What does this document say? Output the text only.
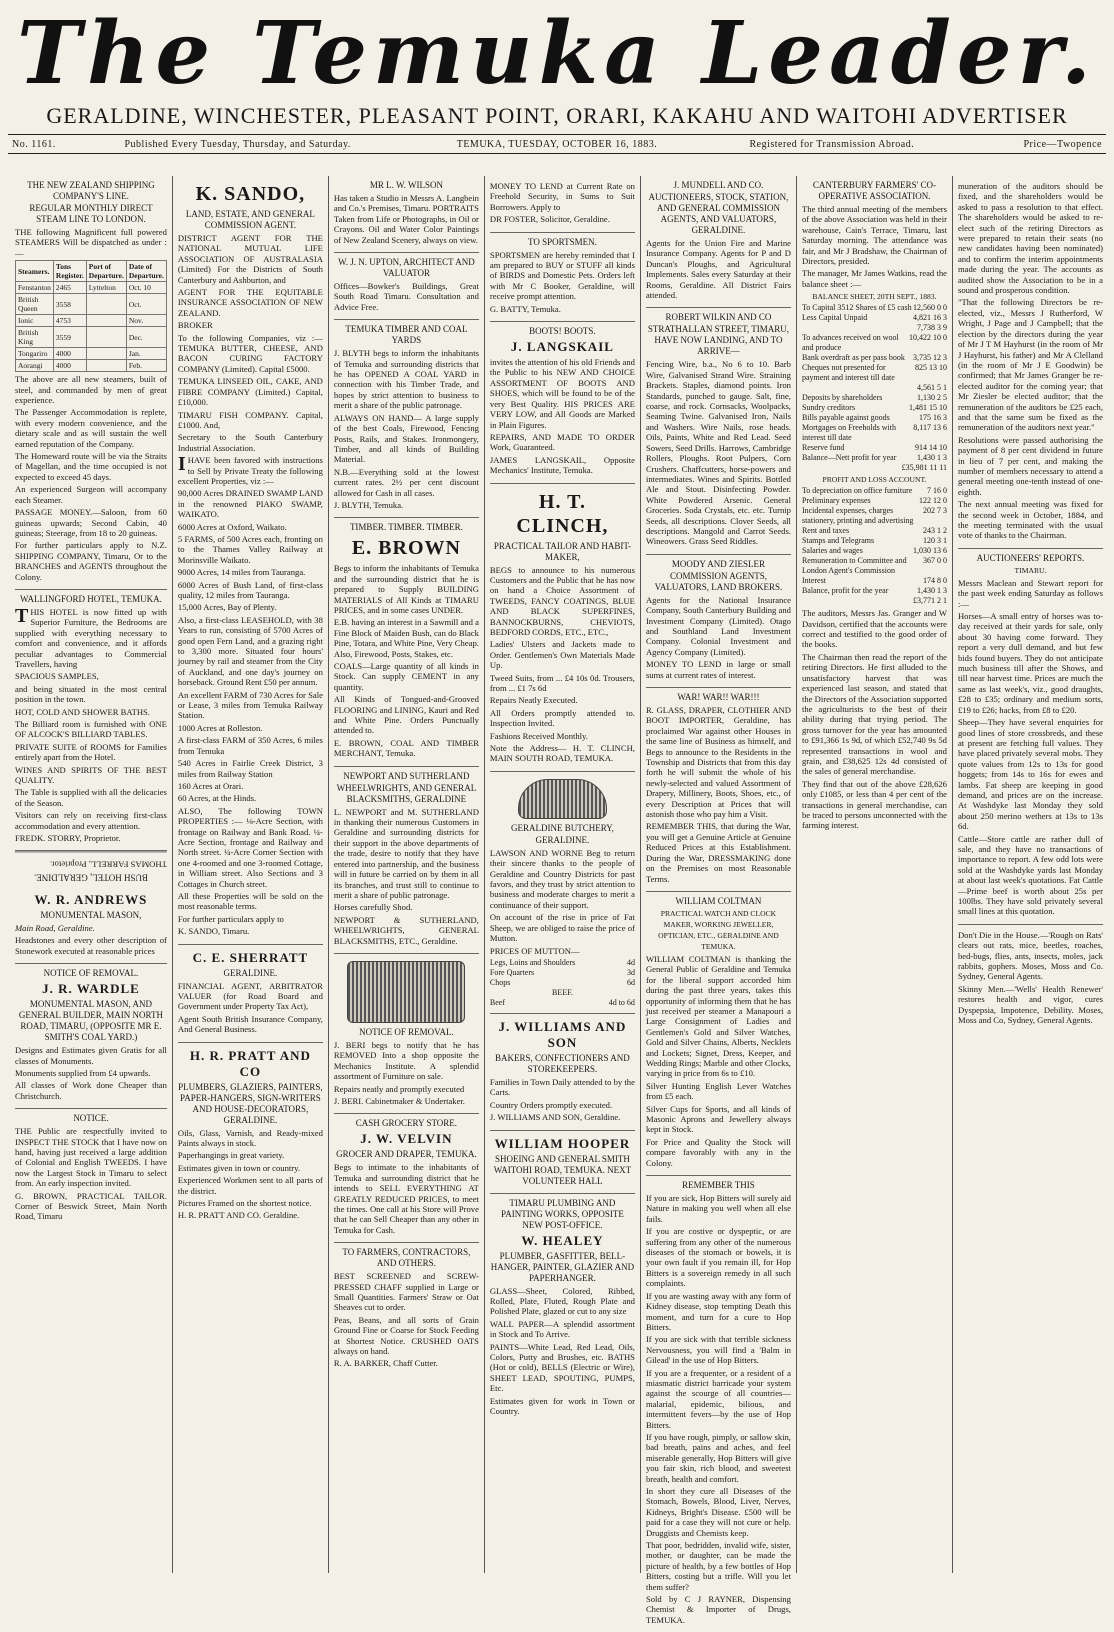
The Temuka Leader.
GERALDINE, WINCHESTER, PLEASANT POINT, ORARI, KAKAHU AND WAITOHI ADVERTISER
No. 1161.	Published Every Tuesday, Thursday, and Saturday.	TEMUKA, TUESDAY, OCTOBER 16, 1883.	Registered for Transmission Abroad.	Price—Twopence
THE NEW ZEALAND SHIPPING COMPANY'S LINE.
REGULAR MONTHLY DIRECT STEAM LINE TO LONDON.

THE following Magnificent full powered STEAMERS Will be dispatched as under :—

Steamers.	Tons Register.	Port of Departure.	Date of Departure.
Fenstanton	2465	Lyttelton	Oct. 10
British Queen	3558		Oct.
Ionic	4753		Nov.
British King	3559		Dec.
Tongariro	4000		Jan.
Aorangi	4000		Feb.

The above are all new steamers, built of steel, and commanded by men of great experience.

The Passenger Accommodation is replete, with every modern convenience, and the dietary scale and as will sustain the well earned reputation of the Company.

The Homeward route will be via the Straits of Magellan, and the time occupied is not expected to exceed 45 days.

An experienced Surgeon will accompany each Steamer.

PASSAGE MONEY.—Saloon, from 60 guineas upwards; Second Cabin, 40 guineas; Steerage, from 18 to 20 guineas.

For further particulars apply to N.Z. SHIPPING COMPANY, Timaru, Or to the BRANCHES and AGENTS throughout the Colony.

WALLINGFORD HOTEL, TEMUKA.

THIS HOTEL is now fitted up with Superior Furniture, the Bedrooms are supplied with everything necessary to comfort and convenience, and it affords peculiar advantages to Commercial Travellers, having

SPACIOUS SAMPLES,

and being situated in the most central position in the town.

HOT, COLD AND SHOWER BATHS.

The Billiard room is furnished with ONE OF ALCOCK'S BILLIARD TABLES.

PRIVATE SUITE of ROOMS for Families entirely apart from the Hotel.

WINES AND SPIRITS OF THE BEST QUALITY.

The Table is supplied with all the delicacies of the Season.

Visitors can rely on receiving first-class accommodation and every attention.

FREDK. STORRY, Proprietor.

BUSH HOTEL, GERALDINE.

THOMAS FARRELL, Proprietor.

W. R. ANDREWS
MONUMENTAL MASON,

Main Road, Geraldine.

Headstones and every other description of Stonework executed at reasonable prices

NOTICE OF REMOVAL.
J. R. WARDLE
MONUMENTAL MASON, AND GENERAL BUILDER, MAIN NORTH ROAD, TIMARU, (OPPOSITE MR E. SMITH'S COAL YARD.)

Designs and Estimates given Gratis for all classes of Monuments.

Monuments supplied from £4 upwards.

All classes of Work done Cheaper than Christchurch.

NOTICE.

THE Public are respectfully invited to INSPECT THE STOCK that I have now on hand, having just received a large addition of Colonial and English TWEEDS. I have now the Largest Stock in Timaru to select from. An early inspection invited.

G. BROWN, PRACTICAL TAILOR. Corner of Beswick Street, Main North Road, Timaru

K. SANDO,
LAND, ESTATE, AND GENERAL COMMISSION AGENT.

DISTRICT AGENT FOR THE NATIONAL MUTUAL LIFE ASSOCIATION OF AUSTRALASIA (Limited) For the Districts of South Canterbury and Ashburton, and

AGENT FOR THE EQUITABLE INSURANCE ASSOCIATION OF NEW ZEALAND.

BROKER

To the following Companies, viz :— TEMUKA BUTTER, CHEESE, AND BACON CURING FACTORY COMPANY (Limited). Capital £5000.

TEMUKA LINSEED OIL, CAKE, AND FIBRE COMPANY (Limited.) Capital, £10,000.

TIMARU FISH COMPANY. Capital, £1000. And,

Secretary to the South Canterbury Industrial Association.

IHAVE been favored with instructions to Sell by Private Treaty the following excellent Properties, viz :—

90,000 Acres DRAINED SWAMP LAND in the renowned PIAKO SWAMP, WAIKATO.

6000 Acres at Oxford, Waikato.

5 FARMS, of 500 Acres each, fronting on to the Thames Valley Railway at Morinsville Waikato.

9000 Acres, 14 miles from Tauranga.

6000 Acres of Bush Land, of first-class quality, 12 miles from Tauranga.

15,000 Acres, Bay of Plenty.

Also, a first-class LEASEHOLD, with 38 Years to run, consisting of 5700 Acres of good open Fern Land, and a grazing right to 3,300 more. Situated four hours' journey by rail and steamer from the City of Auckland, and one day's journey on horseback. Ground Rent £50 per annum.

An excellent FARM of 730 Acres for Sale or Lease, 3 miles from Temuka Railway Station.

1000 Acres at Rolleston.

A first-class FARM of 350 Acres, 6 miles from Temuka

540 Acres in Fairlie Creek District, 3 miles from Railway Station

160 Acres at Orari.

60 Acres, at the Hinds.

ALSO, The following TOWN PROPERTIES :— ⅛-Acre Section, with frontage on Railway and Bank Road. ¼-Acre Section, frontage and Railway and North street. ¼-Acre Corner Section with one 4-roomed and one 3-roomed Cottage, in William street. Also Sections and 3 Cottages in Church street.

All these Properties will be sold on the most reasonable terms.

For further particulars apply to

K. SANDO, Timaru.

C. E. SHERRATT
GERALDINE.

FINANCIAL AGENT, ARBITRATOR VALUER (for Road Board and Government under Property Tax Act),

Agent South British Insurance Company, And General Business.

H. R. PRATT AND CO
PLUMBERS, GLAZIERS, PAINTERS, PAPER-HANGERS, SIGN-WRITERS AND HOUSE-DECORATORS, GERALDINE.

Oils, Glass, Varnish, and Ready-mixed Paints always in stock.

Paperhangings in great variety.

Estimates given in town or country.

Experienced Workmen sent to all parts of the district.

Pictures Framed on the shortest notice.

H. R. PRATT AND CO. Geraldine.

MR L. W. WILSON

Has taken a Studio in Messrs A. Langbein and Co.'s Premises, Timaru. PORTRAITS Taken from Life or Photographs, in Oil or Crayons. Oil and Water Color Paintings of New Zealand Scenery, always on view.

W. J. N. UPTON, ARCHITECT AND VALUATOR

Offices—Bowker's Buildings, Great South Road Timaru. Consultation and Advice Free.

TEMUKA TIMBER AND COAL YARDS

J. BLYTH begs to inform the inhabitants of Temuka and surrounding districts that he has OPENED A COAL YARD in connection with his Timber Trade, and hopes by strict attention to business to merit a share of the public patronage.

ALWAYS ON HAND— A large supply of the best Coals, Firewood, Fencing Posts, Rails, and Stakes. Ironmongery, Timber, and all kinds of Building Material.

N.B.—Everything sold at the lowest current rates. 2½ per cent discount allowed for Cash in all cases.

J. BLYTH, Temuka.

TIMBER. TIMBER. TIMBER.
E. BROWN

Begs to inform the inhabitants of Temuka and the surrounding district that he is prepared to Supply BUILDING MATERIALS of All Kinds at TIMARU PRICES, and in some cases UNDER.

E.B. having an interest in a Sawmill and a Fine Block of Maiden Bush, can do Black Pine, Totara, and White Pine, Very Cheap. Also, Firewood, Posts, Stakes, etc.

COALS—Large quantity of all kinds in Stock. Can supply CEMENT in any quantity.

All Kinds of Tongued-and-Grooved FLOORING and LINING, Kauri and Red and White Pine. Orders Punctually attended to.

E. BROWN, COAL AND TIMBER MERCHANT, Temuka.

NEWPORT AND SUTHERLAND
WHEELWRIGHTS, AND GENERAL BLACKSMITHS, GERALDINE

L. NEWPORT and M. SUTHERLAND in thanking their numerous Customers in Geraldine and surrounding districts for their support in the above departments of the trade, desire to notify that they have entered into partnership, and the business will in future be carried on by them in all its branches, and trust still to continue to merit a share of public patronage.

Horses carefully Shod.

NEWPORT & SUTHERLAND, WHEELWRIGHTS, GENERAL BLACKSMITHS, ETC., Geraldine.

NOTICE OF REMOVAL.

J. BERI begs to notify that he has REMOVED Into a shop opposite the Mechanics Institute. A splendid assortment of Furniture on sale.

Repairs neatly and promptly executed

J. BERI. Cabinetmaker & Undertaker.

CASH GROCERY STORE.
J. W. VELVIN
GROCER AND DRAPER, TEMUKA.

Begs to intimate to the inhabitants of Temuka and surrounding district that he intends to SELL EVERYTHING AT GREATLY REDUCED PRICES, to meet the times. One call at his Store will Prove that he can Sell Cheaper than any other in Temuka for Cash.

TO FARMERS, CONTRACTORS, AND OTHERS.

BEST SCREENED and SCREW-PRESSED CHAFF supplied in Large or Small Quantities. Farmers' Straw or Oat Sheaves cut to order.

Peas, Beans, and all sorts of Grain Ground Fine or Coarse for Stock Feeding at Shortest Notice. CRUSHED OATS always on hand.

R. A. BARKER, Chaff Cutter.

MONEY TO LEND at Current Rate on Freehold Security, in Sums to Suit Borrowers. Apply to

DR FOSTER, Solicitor, Geraldine.

TO SPORTSMEN.

SPORTSMEN are hereby reminded that I am prepared to BUY or STUFF all kinds of BIRDS and Domestic Pets. Orders left with Mr C Booker, Geraldine, will receive prompt attention.

G. BATTY, Temuka.

BOOTS! BOOTS.
J. LANGSKAIL

invites the attention of his old Friends and the Public to his NEW AND CHOICE ASSORTMENT OF BOOTS AND SHOES, which will be found to be of the very Best Quality. HIS PRICES ARE VERY LOW, and All Goods are Marked in Plain Figures.

REPAIRS, AND MADE TO ORDER Work, Guaranteed.

JAMES LANGSKAIL, Opposite Mechanics' Institute, Temuka.

H. T. CLINCH,
PRACTICAL TAILOR AND HABIT-MAKER,

BEGS to announce to his numerous Customers and the Public that he has now on hand a Choice Assortment of TWEEDS, FANCY COATINGS, BLUE AND BLACK SUPERFINES, BANNOCKBURNS, CHEVIOTS, BEDFORD CORDS, ETC., ETC.,

Ladies' Ulsters and Jackets made to Order. Gentlemen's Own Materials Made Up.

Tweed Suits, from ... £4 10s 0d. Trousers, from ... £1 7s 6d

Repairs Neatly Executed.

All Orders promptly attended to. Inspection Invited.

Fashions Received Monthly.

Note the Address— H. T. CLINCH, MAIN SOUTH ROAD, TEMUKA.

GERALDINE BUTCHERY,
GERALDINE.

LAWSON AND WORNE Beg to return their sincere thanks to the people of Geraldine and Country Districts for past favors, and they trust by strict attention to business and moderate charges to merit a continuance of their support.

On account of the rise in price of Fat Sheep, we are obliged to raise the price of Mutton.

PRICES OF MUTTON—

Legs, Loins and Shoulders	4d
Fore Quarters	3d
Chops	6d
BEEF.
Beef	4d to 6d
J. WILLIAMS AND SON
BAKERS, CONFECTIONERS AND STOREKEEPERS.

Families in Town Daily attended to by the Carts.

Country Orders promptly executed.

J. WILLIAMS AND SON, Geraldine.

WILLIAM HOOPER
SHOEING AND GENERAL SMITH WAITOHI ROAD, TEMUKA. NEXT VOLUNTEER HALL
TIMARU PLUMBING AND PAINTING WORKS, OPPOSITE NEW POST-OFFICE.
W. HEALEY
PLUMBER, GASFITTER, BELL-HANGER, PAINTER, GLAZIER AND PAPERHANGER.

GLASS—Sheet, Colored, Ribbed, Rolled, Plate, Fluted, Rough Plate and Polished Plate, glazed or cut to any size

WALL PAPER—A splendid assortment in Stock and To Arrive.

PAINTS—White Lead, Red Lead, Oils, Colors, Putty and Brushes, etc. BATHS (Hot or cold), BELLS (Electric or Wire), SHEET LEAD, SPOUTING, PUMPS, Etc.

Estimates given for work in Town or Country.

J. MUNDELL AND CO.
AUCTIONEERS, STOCK, STATION, AND GENERAL COMMISSION AGENTS, AND VALUATORS, GERALDINE.

Agents for the Union Fire and Marine Insurance Company. Agents for P and D Duncan's Ploughs, and Agricultural Implements. Sales every Saturday at their Rooms, Geraldine. All District Fairs attended.

ROBERT WILKIN AND CO
STRATHALLAN STREET, TIMARU, HAVE NOW LANDING, AND TO ARRIVE—

Fencing Wire, b.a., No 6 to 10. Barb Wire, Galvanised Strand Wire. Straining Brackets. Staples, diamond points. Iron Standards, punched to gauge. Salt, fine, coarse, and rock. Cornsacks, Woolpacks, Seaming Twine. Galvanised Iron, Nails and Washers. Wire Nails, rose heads. Oils, Paints, White and Red Lead. Seed Sowers, Seed Drills. Harrows, Cambridge Rollers, Ploughs. Root Pulpers, Corn Crushers. Chaffcutters, horse-powers and intermediates. Wines and Spirits. Bottled Ale and Stout. Disinfecting Powder. White Powdered Arsenic. General Groceries. Soda Crystals, etc. etc. Turnip Seeds, all descriptions. Clover Seeds, all descriptions. Mangold and Carrot Seeds. Wineowers. Grass Seed Riddles.

MOODY AND ZIESLER
COMMISSION AGENTS, VALUATORS, LAND BROKERS.

Agents for the National Insurance Company, South Canterbury Building and Investment Company (Limited). Otago and Southland Land Investment Company. Colonial Investment and Agency Company (Limited).

MONEY TO LEND in large or small sums at current rates of interest.

WAR! WAR!! WAR!!!

R. GLASS, DRAPER, CLOTHIER AND BOOT IMPORTER, Geraldine, has proclaimed War against other Houses in the same line of Business as himself, and Begs to announce to the Residents in the Township and Districts that from this day forth he will submit the whole of his newly-selected and valued Assortment of Drapery, Millinery, Boots, Shoes, etc., of every Description at Prices that will astonish those who pay him a Visit.

REMEMBER THIS, that during the War, you will get a Genuine Article at Genuine Reduced Prices at this Establishment. During the War, DRESSMAKING done on the Premises on most Reasonable Terms.

WILLIAM COLTMAN
PRACTICAL WATCH AND CLOCK MAKER, WORKING JEWELLER, OPTICIAN, ETC., GERALDINE AND TEMUKA.

WILLIAM COLTMAN is thanking the General Public of Geraldine and Temuka for the liberal support accorded him during the past three years, takes this opportunity of informing them that he has just received per steamer a Manapouri a Large Consignment of Ladies and Gentlemen's Gold and Silver Watches, Gold and Silver Chains, Alberts, Necklets and Lockets; Signet, Dress, Keeper, and Wedding Rings; Marble and other Clocks, varying in price from 6s to £10.

Silver Hunting English Lever Watches from £5 each.

Silver Cups for Sports, and all kinds of Masonic Aprons and Jewellery always kept in Stock.

For Price and Quality the Stock will compare favorably with any in the Colony.

REMEMBER THIS

If you are sick, Hop Bitters will surely aid Nature in making you well when all else fails.

If you are costive or dyspeptic, or are suffering from any other of the numerous diseases of the stomach or bowels, it is your own fault if you remain ill, for Hop Bitters is a sovereign remedy in all such complaints.

If you are wasting away with any form of Kidney disease, stop tempting Death this moment, and turn for a cure to Hop Bitters.

If you are sick with that terrible sickness Nervousness, you will find a 'Balm in Gilead' in the use of Hop Bitters.

If you are a frequenter, or a resident of a miasmatic district barricade your system against the scourge of all countries—malarial, epidemic, bilious, and intermittent fevers—by the use of Hop Bitters.

If you have rough, pimply, or sallow skin, bad breath, pains and aches, and feel miserable generally, Hop Bitters will give you fair skin, rich blood, and sweetest breath, health and comfort.

In short they cure all Diseases of the Stomach, Bowels, Blood, Liver, Nerves, Kidneys, Bright's Disease. £500 will be paid for a case they will not cure or help. Druggists and Chemists keep.

That poor, bedridden, invalid wife, sister, mother, or daughter, can be made the picture of health, by a few bottles of Hop Bitters, costing but a trifle. Will you let them suffer?

Sold by C J RAYNER, Dispensing Chemist & Importer of Drugs, TEMUKA.

CANTERBURY FARMERS' CO-OPERATIVE ASSOCIATION.

The third annual meeting of the members of the above Association was held in their warehouse, Cain's Terrace, Timaru, last Saturday morning. The attendance was fair, and Mr J Bradshaw, the Chairman of Directors, presided.

The manager, Mr James Watkins, read the balance sheet :—

BALANCE SHEET, 20TH SEPT., 1883.
To Capital 3512 Shares of £5 cash 12,560 0 0
Less Capital Unpaid	4,821 16 3
7,738 3 9
To advances received on wool and produce
10,422 10 0
Bank overdraft as per pass book 3,735 12 3
Cheques not presented for payment and interest till date
825 13 10
4,561 5 1
Deposits by shareholders	1,130 2 5
Sundry creditors	1,481 15 10
Bills payable against goods	175 16 3
Mortgages on Freeholds with interest till date
8,117 13 6
Reserve fund	914 14 10
Balance—Nett profit for year	1,430 1 3
£35,981 11 11
PROFIT AND LOSS ACCOUNT.
To depreciation on office furniture 7 16 0
Preliminary expenses	122 12 0
Incidental expenses, charges stationery, printing and advertising
202 7 3
Rent and taxes	243 1 2
Stamps and Telegrams	120 3 1
Salaries and wages	1,030 13 6
Remuneration to Committee and London Agent's Commission
367 0 0
Interest	174 8 0
Balance, profit for the year	1,430 1 3
£3,771 2 1

The auditors, Messrs Jas. Granger and W Davidson, certified that the accounts were correct and testified to the good order of the books.

The Chairman then read the report of the retiring Directors. He first alluded to the unsatisfactory harvest that was experienced last season, and stated that the Directors of the Association supported the agriculturists to the best of their ability during that trying period. The gross turnover for the year has amounted to £91,366 1s 9d, of which £52,740 9s 5d represented transactions in wool and grain, and £38,625 12s 4d consisted of the sales of general merchandise.

They find that out of the above £28,626 only £1085, or less than 4 per cent of the transactions in general merchandise, can be traced to persons unconnected with the farming interest.

muneration of the auditors should be fixed, and the shareholders would be asked to pass a resolution to that effect. The shareholders would be asked to re-elect such of the retiring Directors as were prepared to retain their seats (no new candidates having been nominated) and to confirm the interim appointments made during the year. The accounts as audited show the Association to be in a sound and prosperous condition.

"That the following Directors be re-elected, viz., Messrs J Rutherford, W Wright, J Page and J Campbell; that the election by the directors during the year of Mr J T M Hayhurst (in the room of Mr J Hayhurst, his father) and Mr A Clelland (in the room of Mr J E Goodwin) be confirmed; that Mr James Granger be re-elected auditor for the coming year; that Mr Ziesler be elected auditor; that the remuneration of the auditors be £25 each, and that the same sum be fixed as the remuneration of the auditors next year."

Resolutions were passed authorising the payment of 8 per cent dividend in future in lieu of 7 per cent, and making the number of members necessary to attend a general meeting one-tenth instead of one-eighth.

The next annual meeting was fixed for the second week in October, 1884, and the meeting terminated with the usual vote of thanks to the Chairman.

AUCTIONEERS' REPORTS.
TIMARU.

Messrs Maclean and Stewart report for the past week ending Saturday as follows :—

Horses—A small entry of horses was to-day received at their yards for sale, only about 30 having come forward. They report a very dull demand, and but few bids found buyers. They do not anticipate much business till after the Shows, and till near harvest time. Prices are much the same as last week's, viz., good draughts, £28 to £35; ordinary and medium sorts, £19 to £26; hacks, from £8 to £20.

Sheep—They have several enquiries for good lines of store crossbreds, and these at present are fetching full values. They have placed privately several mobs. They quote values from 12s to 13s for good hoggets; from 14s to 16s for ewes and lambs. Fat sheep are keeping in good demand, and prices are on the increase. At Washdyke last Monday they sold about 250 merino wethers at 13s to 13s 6d.

Cattle—Store cattle are rather dull of sale, and they have no transactions of importance to report. A few odd lots were sold at the Washdyke yards last Monday at about last week's quotations. Fat Cattle—Prime beef is worth about 25s per 100lbs. They have sold privately several small lines at this quotation.

Don't Die in the House.—'Rough on Rats' clears out rats, mice, beetles, roaches, bed-bugs, flies, ants, insects, moles, jack rabbits, gophers. Moses, Moss and Co. Sydney, General Agents.

Skinny Men.—'Wells' Health Renewer' restores health and vigor, cures Dyspepsia, Impotence, Debility. Moses, Moss and Co, Sydney, General Agents.
